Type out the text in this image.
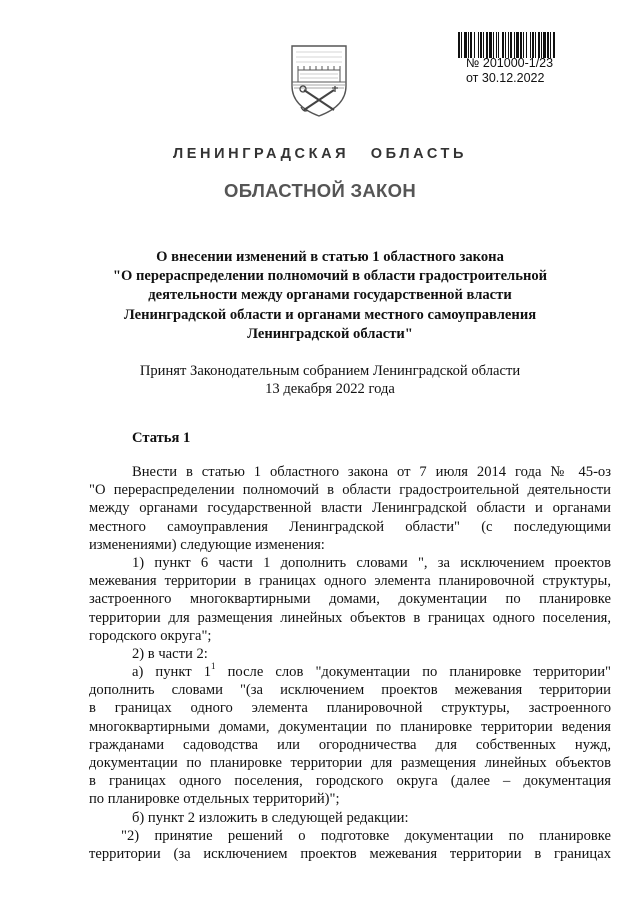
№ 201000-1/23
от 30.12.2022
ЛЕНИНГРАДСКАЯ ОБЛАСТЬ
ОБЛАСТНОЙ ЗАКОН
О внесении изменений в статью 1 областного закона
"О перераспределении полномочий в области градостроительной
деятельности между органами государственной власти
Ленинградской области и органами местного самоуправления
Ленинградской области"
Принят Законодательным собранием Ленинградской области
13 декабря 2022 года
Статья 1
Внести в статью 1 областного закона от 7 июля 2014 года № 45-оз
"О перераспределении полномочий в области градостроительной деятельности
между органами государственной власти Ленинградской области и органами
местного самоуправления Ленинградской области" (с последующими
изменениями) следующие изменения:
1) пункт 6 части 1 дополнить словами ", за исключением проектов
межевания территории в границах одного элемента планировочной структуры,
застроенного многоквартирными домами, документации по планировке
территории для размещения линейных объектов в границах одного поселения,
городского округа";
2) в части 2:
а) пункт $1^1$ после слов "документации по планировке территории"
дополнить словами "(за исключением проектов межевания территории
в границах одного элемента планировочной структуры, застроенного
многоквартирными домами, документации по планировке территории ведения
гражданами садоводства или огородничества для собственных нужд,
документации по планировке территории для размещения линейных объектов
в границах одного поселения, городского округа (далее – документация
по планировке отдельных территорий)";
б) пункт 2 изложить в следующей редакции:
"2) принятие решений о подготовке документации по планировке
территории (за исключением проектов межевания территории в границах
